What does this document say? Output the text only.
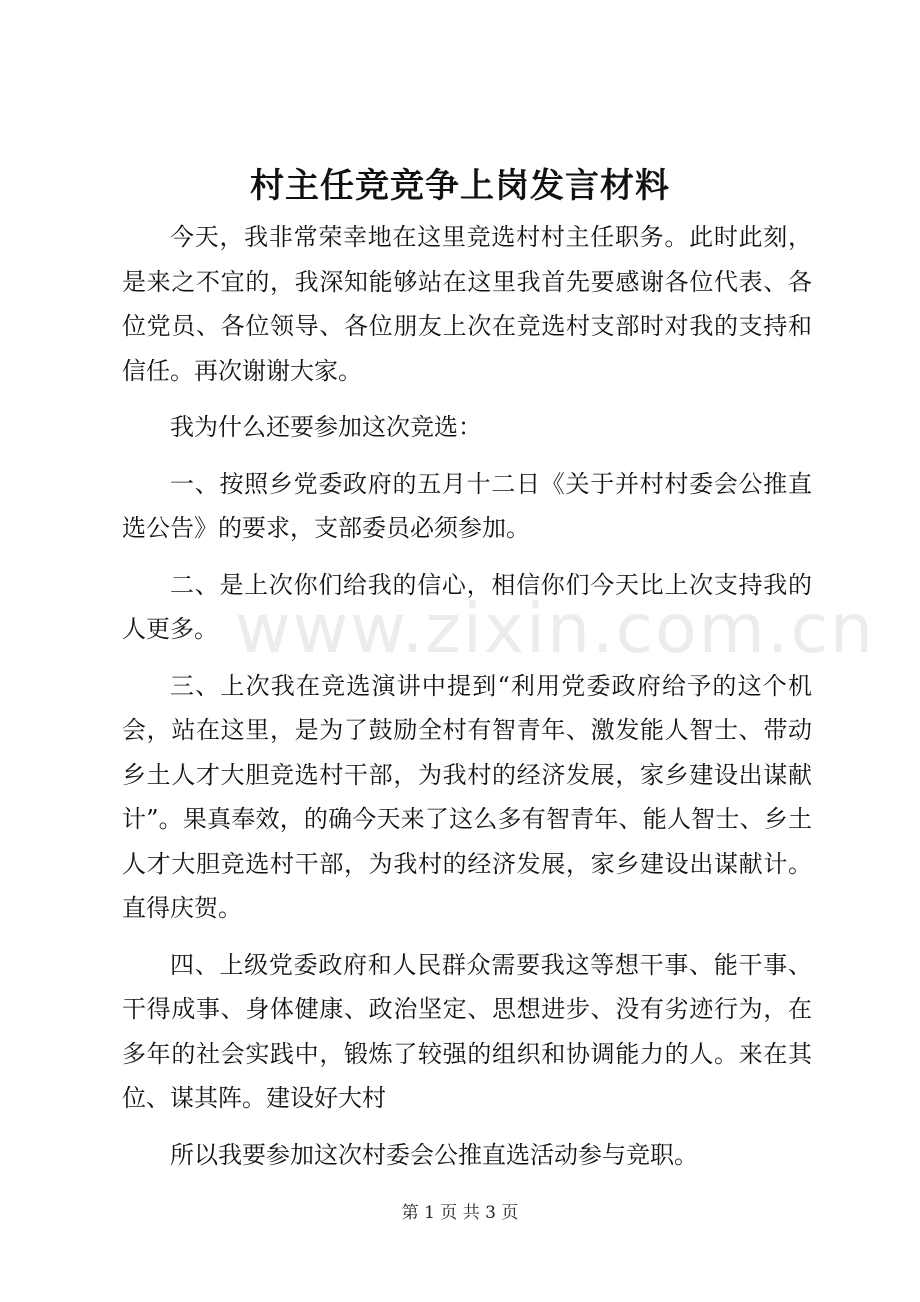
村主任竞竞争上岗发言材料

今天，我非常荣幸地在这里竞选村村主任职务。此时此刻，是来之不宜的，我深知能够站在这里我首先要感谢各位代表、各位党员、各位领导、各位朋友上次在竞选村支部时对我的支持和信任。再次谢谢大家。

我为什么还要参加这次竞选：

一、按照乡党委政府的五月十二日《关于并村村委会公推直选公告》的要求，支部委员必须参加。

二、是上次你们给我的信心，相信你们今天比上次支持我的人更多。

三、上次我在竞选演讲中提到“利用党委政府给予的这个机会，站在这里，是为了鼓励全村有智青年、激发能人智士、带动乡土人才大胆竞选村干部，为我村的经济发展，家乡建设出谋献计”。果真奉效，的确今天来了这么多有智青年、能人智士、乡土人才大胆竞选村干部，为我村的经济发展，家乡建设出谋献计。直得庆贺。

四、上级党委政府和人民群众需要我这等想干事、能干事、干得成事、身体健康、政治坚定、思想进步、没有劣迹行为，在多年的社会实践中，锻炼了较强的组织和协调能力的人。来在其位、谋其阵。建设好大村

所以我要参加这次村委会公推直选活动参与竞职。

www.zixin.com.cn
第 1 页 共 3 页
